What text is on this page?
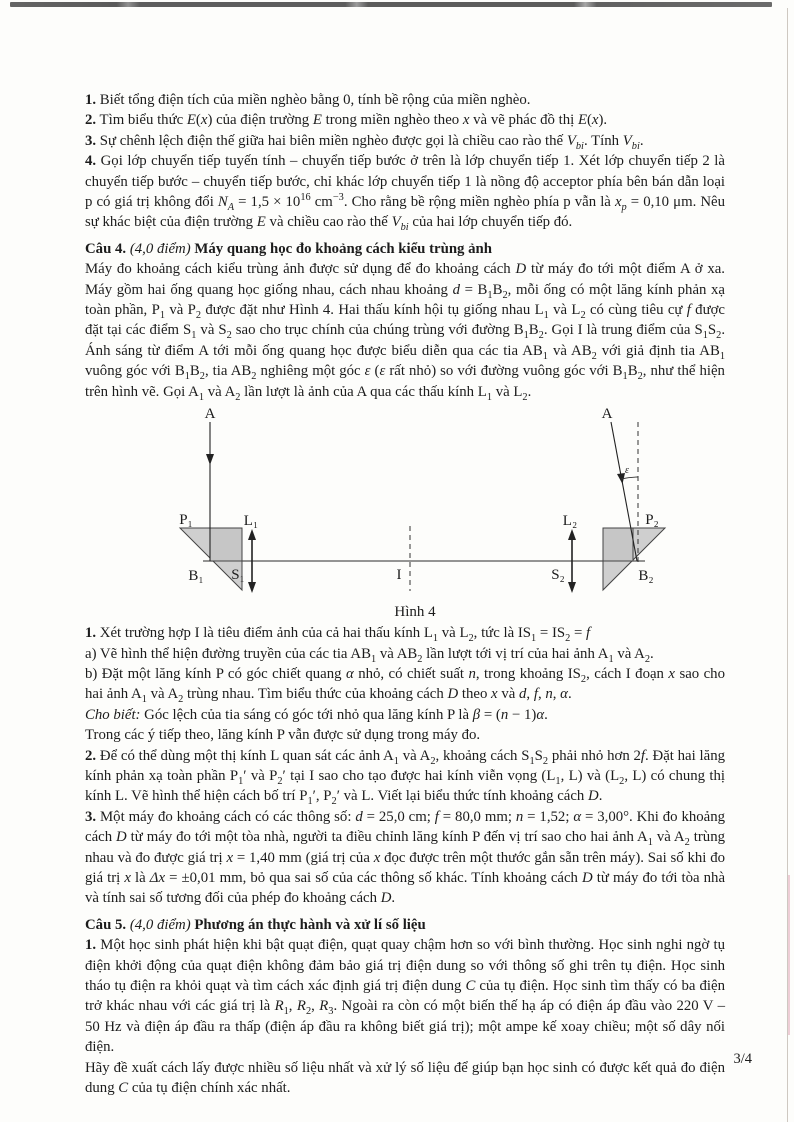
1. Biết tổng điện tích của miền nghèo bằng 0, tính bề rộng của miền nghèo.

2. Tìm biểu thức E(x) của điện trường E trong miền nghèo theo x và vẽ phác đồ thị E(x).

3. Sự chênh lệch điện thế giữa hai biên miền nghèo được gọi là chiều cao rào thế $V_{bi}$. Tính $V_{bi}$.

4. Gọi lớp chuyển tiếp tuyến tính – chuyển tiếp bước ở trên là lớp chuyển tiếp 1. Xét lớp chuyển tiếp 2 là chuyển tiếp bước – chuyển tiếp bước, chỉ khác lớp chuyển tiếp 1 là nồng độ acceptor phía bên bán dẫn loại p có giá trị không đổi $N_A = 1,5 \times 10^{16}$ $cm^{-3}$. Cho rằng bề rộng miền nghèo phía p vẫn là $x_p = 0,10$ μm. Nêu sự khác biệt của điện trường E và chiều cao rào thế $V_{bi}$ của hai lớp chuyển tiếp đó.

Câu 4. (4,0 điểm) Máy quang học đo khoảng cách kiểu trùng ảnh

Máy đo khoảng cách kiểu trùng ảnh được sử dụng để đo khoảng cách D từ máy đo tới một điểm A ở xa. Máy gồm hai ống quang học giống nhau, cách nhau khoảng $d = B_1B_2$, mỗi ống có một lăng kính phản xạ toàn phần, $P_1$ và $P_2$ được đặt như Hình 4. Hai thấu kính hội tụ giống nhau $L_1$ và $L_2$ có cùng tiêu cự f được đặt tại các điểm $S_1$ và $S_2$ sao cho trục chính của chúng trùng với đường $B_1B_2$. Gọi I là trung điểm của $S_1S_2$. Ánh sáng từ điểm A tới mỗi ống quang học được biểu diễn qua các tia $AB_1$ và $AB_2$ với giả định tia $AB_1$ vuông góc với $B_1B_2$, tia $AB_2$ nghiêng một góc ε (ε rất nhỏ) so với đường vuông góc với $B_1B_2$, như thể hiện trên hình vẽ. Gọi $A_1$ và $A_2$ lần lượt là ảnh của A qua các thấu kính $L_1$ và $L_2$.

A
P₁
B₁
L₁
S₁	I
L₂
S₂
ε
A
P₂
B₂
Hình 4

1. Xét trường hợp I là tiêu điểm ảnh của cả hai thấu kính $L_1$ và $L_2$, tức là $IS_1 = IS_2 = f$

a) Vẽ hình thể hiện đường truyền của các tia $AB_1$ và $AB_2$ lần lượt tới vị trí của hai ảnh $A_1$ và $A_2$.

b) Đặt một lăng kính P có góc chiết quang α nhỏ, có chiết suất n, trong khoảng $IS_2$, cách I đoạn x sao cho hai ảnh $A_1$ và $A_2$ trùng nhau. Tìm biểu thức của khoảng cách D theo x và d, f, n, α.

Cho biết: Góc lệch của tia sáng có góc tới nhỏ qua lăng kính P là β = (n − 1)α.

Trong các ý tiếp theo, lăng kính P vẫn được sử dụng trong máy đo.

2. Để có thể dùng một thị kính L quan sát các ảnh $A_1$ và $A_2$, khoảng cách $S_1S_2$ phải nhỏ hơn 2f. Đặt hai lăng kính phản xạ toàn phần $P_1'$ và $P_2'$ tại I sao cho tạo được hai kính viễn vọng ($L_1$, L) và ($L_2$, L) có chung thị kính L. Vẽ hình thể hiện cách bố trí $P_1'$, $P_2'$ và L. Viết lại biểu thức tính khoảng cách D.

3. Một máy đo khoảng cách có các thông số: d = 25,0 cm; f = 80,0 mm; n = 1,52; α = 3,00°. Khi đo khoảng cách D từ máy đo tới một tòa nhà, người ta điều chỉnh lăng kính P đến vị trí sao cho hai ảnh $A_1$ và $A_2$ trùng nhau và đo được giá trị x = 1,40 mm (giá trị của x đọc được trên một thước gắn sẵn trên máy). Sai số khi đo giá trị x là Δx = ±0,01 mm, bỏ qua sai số của các thông số khác. Tính khoảng cách D từ máy đo tới tòa nhà và tính sai số tương đối của phép đo khoảng cách D.

Câu 5. (4,0 điểm) Phương án thực hành và xử lí số liệu

1. Một học sinh phát hiện khi bật quạt điện, quạt quay chậm hơn so với bình thường. Học sinh nghi ngờ tụ điện khởi động của quạt điện không đảm bảo giá trị điện dung so với thông số ghi trên tụ điện. Học sinh tháo tụ điện ra khỏi quạt và tìm cách xác định giá trị điện dung C của tụ điện. Học sinh tìm thấy có ba điện trở khác nhau với các giá trị là $R_1$, $R_2$, $R_3$. Ngoài ra còn có một biến thế hạ áp có điện áp đầu vào 220 V – 50 Hz và điện áp đầu ra thấp (điện áp đầu ra không biết giá trị); một ampe kế xoay chiều; một số dây nối điện.

Hãy đề xuất cách lấy được nhiều số liệu nhất và xử lý số liệu để giúp bạn học sinh có được kết quả đo điện dung C của tụ điện chính xác nhất.

3/4
